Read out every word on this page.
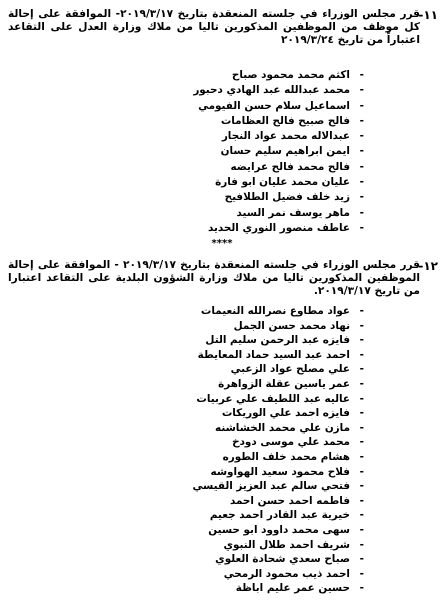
١١-
قرر مجلس الوزراء في جلسته المنعقدة بتاريخ ٢٠١٩/٣/١٧- الموافقة على إحالة كل موظف من الموظفين المذكورين تاليا من ملاك وزارة العدل على التقاعد اعتباراً من تاريخ ٢٠١٩/٣/٢٤
-اكثم محمد محمود صباح
-محمد عبدالله عبد الهادي دحبور
-اسماعيل سلام حسن الفيومي
-فالح صبيح فالح العظامات
-عبدالاله محمد عواد النجار
-ايمن ابراهيم سليم حسان
-فالح محمد فالح عرايضه
-عليان محمد عليان ابو فارة
-زيد خلف فضيل الطلافيح
-ماهر يوسف نمر السيد
-عاطف منصور النوري الحديد
****
١٢-
قرر مجلس الوزراء في جلسته المنعقدة بتاريخ ٢٠١٩/٣/١٧ - الموافقة على إحالة الموظفين المذكورين تاليا من ملاك وزارة الشؤون البلدية على التقاعد اعتبارا من تاريخ ٢٠١٩/٣/١٧.
-عواد مطاوع نصرالله النعيمات
-نهاد محمد حسن الجمل
-فايزه عبد الرحمن سليم التل
-احمد عبد السيد حماد المعايطة
-علي مصلح عواد الزعبي
-عمر ياسين عقلة الزواهرة
-عاليه عبد اللطيف علي عربيات
-فايزه احمد علي الوريكات
-مازن علي محمد الخشاشنه
-محمد علي موسى دودخ
-هشام محمد خلف الطوره
-فلاح محمود سعيد الهواوشه
-فتحي سالم عبد العزيز القيسي
-فاطمه احمد حسن احمد
-خيرية عبد القادر احمد جعيم
-سهى محمد داوود ابو حسين
-شريف احمد طلال النبوي
-صباح سعدي شحادة العلوي
-احمد ذيب محمود الرمحي
-حسين عمر عليم اباظة
